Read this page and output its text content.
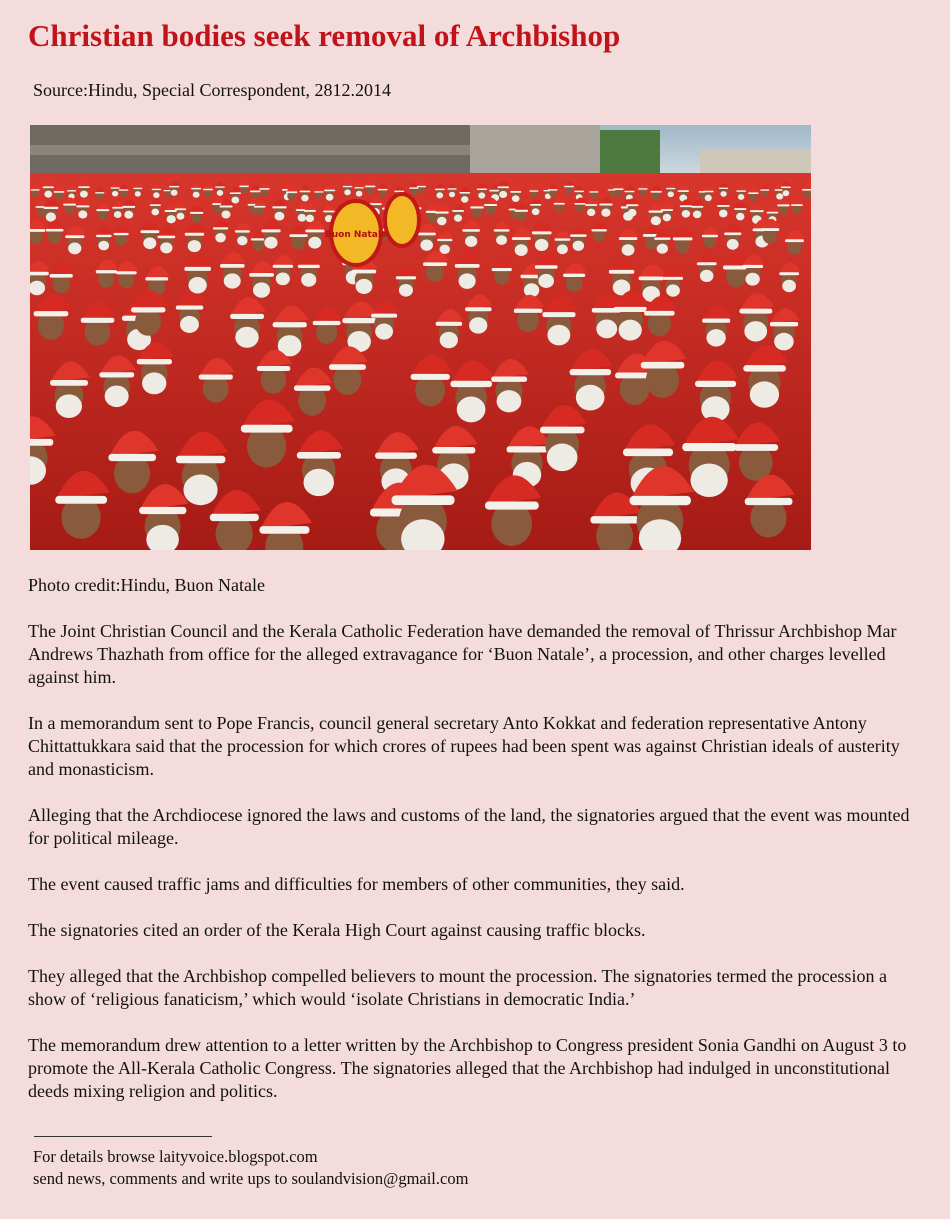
Christian bodies seek removal of Archbishop
Source:Hindu, Special Correspondent, 2812.2014
Buon Natale
Photo credit:Hindu, Buon Natale

The Joint Christian Council and the Kerala Catholic Federation have demanded the removal of Thrissur Archbishop Mar Andrews Thazhath from office for the alleged extravagance for ‘Buon Natale’, a procession, and other charges levelled against him.

In a memorandum sent to Pope Francis, council general secretary Anto Kokkat and federation representative Antony Chittattukkara said that the procession for which crores of rupees had been spent was against Christian ideals of austerity and monasticism.

Alleging that the Archdiocese ignored the laws and customs of the land, the signatories argued that the event was mounted for political mileage.

The event caused traffic jams and difficulties for members of other communities, they said.

The signatories cited an order of the Kerala High Court against causing traffic blocks.

They alleged that the Archbishop compelled believers to mount the procession. The signatories termed the procession a show of ‘religious fanaticism,’ which would ‘isolate Christians in democratic India.’

The memorandum drew attention to a letter written by the Archbishop to Congress president Sonia Gandhi on August 3 to promote the All-Kerala Catholic Congress. The signatories alleged that the Archbishop had indulged in unconstitutional deeds mixing religion and politics.

For details browse laityvoice.blogspot.com
send news, comments and write ups to soulandvision@gmail.com
